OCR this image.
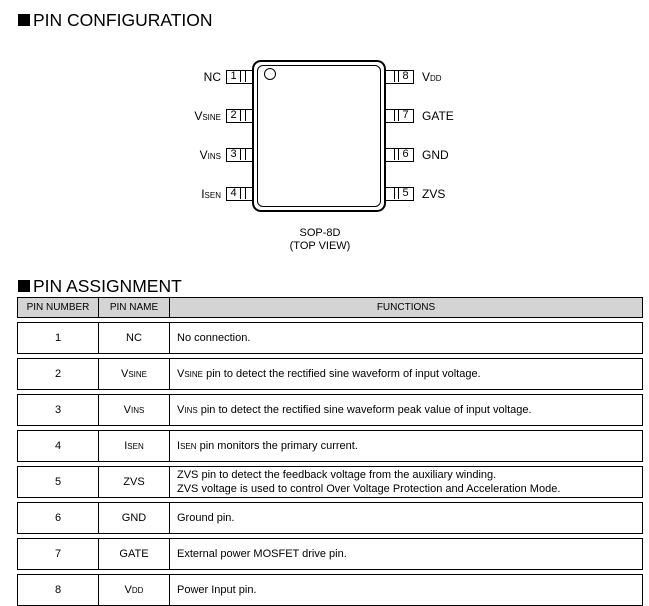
PIN CONFIGURATION
1
NC
2
VSINE
3
VINS
4
ISEN
8 VDD
7 GATE
6 GND
5 ZVS
SOP-8D
(TOP VIEW)
PIN ASSIGNMENT
PIN NUMBER	PIN NAME	FUNCTIONS

1	NC	No connection.

2	VSINE	VSINE pin to detect the rectified sine waveform of input voltage.

3	VINS	VINS pin to detect the rectified sine waveform peak value of input voltage.

4	ISEN	ISEN pin monitors the primary current.

5	ZVS	ZVS pin to detect the feedback voltage from the auxiliary winding.
ZVS voltage is used to control Over Voltage Protection and Acceleration Mode.

6	GND	Ground pin.

7	GATE	External power MOSFET drive pin.

8	VDD	Power Input pin.
